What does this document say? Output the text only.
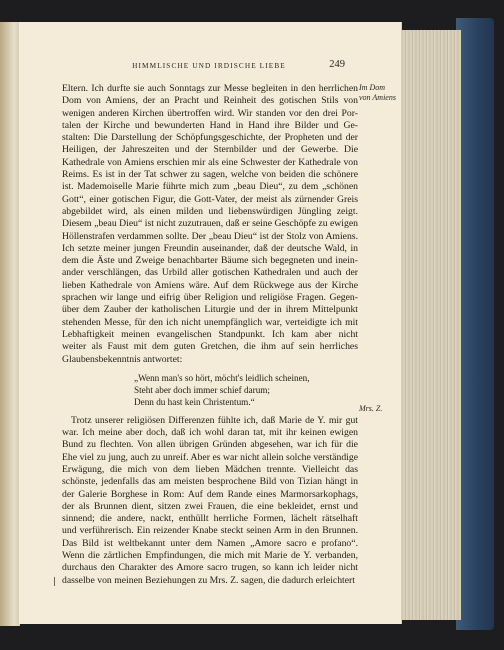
HIMMLISCHE UND IRDISCHE LIEBE	249
Eltern. Ich durfte sie auch Sonntags zur Messe begleiten in den herrlichen
Dom von Amiens, der an Pracht und Reinheit des gotischen Stils von
wenigen anderen Kirchen übertroffen wird. Wir standen vor den drei Por-
talen der Kirche und bewunderten Hand in Hand ihre Bilder und Ge-
stalten: Die Darstellung der Schöpfungsgeschichte, der Propheten und der
Heiligen, der Jahreszeiten und der Sternbilder und der Gewerbe. Die
Kathedrale von Amiens erschien mir als eine Schwester der Kathedrale von
Reims. Es ist in der Tat schwer zu sagen, welche von beiden die schönere
ist. Mademoiselle Marie führte mich zum „beau Dieu“, zu dem „schönen
Gott“, einer gotischen Figur, die Gott-Vater, der meist als zürnender Greis
abgebildet wird, als einen milden und liebenswürdigen Jüngling zeigt.
Diesem „beau Dieu“ ist nicht zuzutrauen, daß er seine Geschöpfe zu ewigen
Höllenstrafen verdammen sollte. Der „beau Dieu“ ist der Stolz von Amiens.
Ich setzte meiner jungen Freundin auseinander, daß der deutsche Wald, in
dem die Äste und Zweige benachbarter Bäume sich begegneten und inein-
ander verschlängen, das Urbild aller gotischen Kathedralen und auch der
lieben Kathedrale von Amiens wäre. Auf dem Rückwege aus der Kirche
sprachen wir lange und eifrig über Religion und religiöse Fragen. Gegen-
über dem Zauber der katholischen Liturgie und der in ihrem Mittelpunkt
stehenden Messe, für den ich nicht unempfänglich war, verteidigte ich mit
Lebhaftigkeit meinen evangelischen Standpunkt. Ich kam aber nicht
weiter als Faust mit dem guten Gretchen, die ihm auf sein herrliches
Glaubensbekenntnis antwortet:
„Wenn man's so hört, möcht's leidlich scheinen,
Steht aber doch immer schief darum;
Denn du hast kein Christentum.“
Trotz unserer religiösen Differenzen fühlte ich, daß Marie de Y. mir gut
war. Ich meine aber doch, daß ich wohl daran tat, mit ihr keinen ewigen
Bund zu flechten. Von allen übrigen Gründen abgesehen, war ich für die
Ehe viel zu jung, auch zu unreif. Aber es war nicht allein solche verständige
Erwägung, die mich von dem lieben Mädchen trennte. Vielleicht das
schönste, jedenfalls das am meisten besprochene Bild von Tizian hängt in
der Galerie Borghese in Rom: Auf dem Rande eines Marmorsarkophags,
der als Brunnen dient, sitzen zwei Frauen, die eine bekleidet, ernst und
sinnend; die andere, nackt, enthüllt herrliche Formen, lächelt rätselhaft
und verführerisch. Ein reizender Knabe steckt seinen Arm in den Brunnen.
Das Bild ist weltbekannt unter dem Namen „Amore sacro e profano“.
Wenn die zärtlichen Empfindungen, die mich mit Marie de Y. verbanden,
durchaus den Charakter des Amore sacro trugen, so kann ich leider nicht
dasselbe von meinen Beziehungen zu Mrs. Z. sagen, die dadurch erleichtert
Im Dom
von Amiens
Mrs. Z.
